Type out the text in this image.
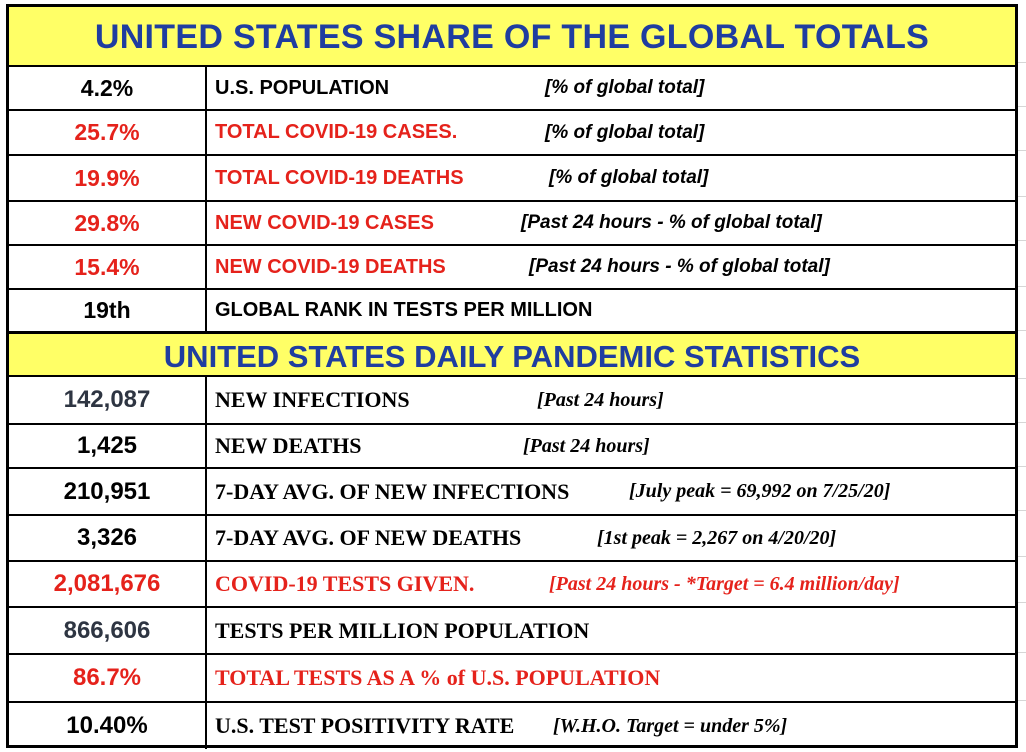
UNITED STATES SHARE OF THE GLOBAL TOTALS
4.2%	U.S. POPULATION	[% of global total]
25.7%	TOTAL COVID-19 CASES.	[% of global total]
19.9%	TOTAL COVID-19 DEATHS	[% of global total]
29.8%	NEW COVID-19 CASES	[Past 24 hours - % of global total]
15.4%	NEW COVID-19 DEATHS	[Past 24 hours - % of global total]
19th	GLOBAL RANK IN TESTS PER MILLION
UNITED STATES DAILY PANDEMIC STATISTICS
142,087	NEW INFECTIONS	[Past 24 hours]
1,425	NEW DEATHS	[Past 24 hours]
210,951	7-DAY AVG. OF NEW INFECTIONS	[July peak = 69,992 on 7/25/20]
3,326	7-DAY AVG. OF NEW DEATHS	[1st peak = 2,267 on 4/20/20]
2,081,676	COVID-19 TESTS GIVEN.	[Past 24 hours - *Target = 6.4 million/day]
866,606	TESTS PER MILLION POPULATION
86.7%	TOTAL TESTS AS A % of U.S. POPULATION
10.40%	U.S. TEST POSITIVITY RATE [W.H.O. Target = under 5%]
